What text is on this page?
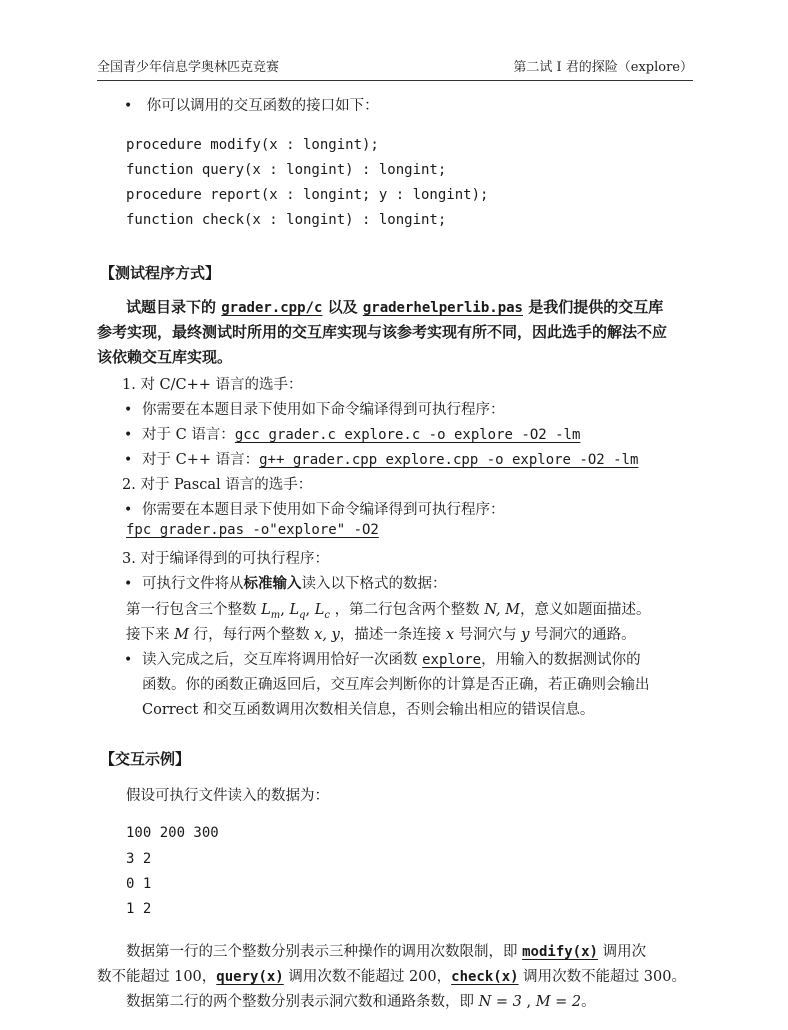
全国青少年信息学奥林匹克竞赛	第二试 I 君的探险（explore）
• 你可以调用的交互函数的接口如下：
procedure modify(x : longint);
function query(x : longint) : longint;
procedure report(x : longint; y : longint);
function check(x : longint) : longint;
【测试程序方式】
试题目录下的 grader.cpp/c 以及 graderhelperlib.pas 是我们提供的交互库
参考实现，最终测试时所用的交互库实现与该参考实现有所不同，因此选手的解法不应
该依赖交互库实现。
1. 对 C/C++ 语言的选手：
• 你需要在本题目录下使用如下命令编译得到可执行程序：
• 对于 C 语言：gcc grader.c explore.c -o explore -O2 -lm
• 对于 C++ 语言：g++ grader.cpp explore.cpp -o explore -O2 -lm
2. 对于 Pascal 语言的选手：
• 你需要在本题目录下使用如下命令编译得到可执行程序：
fpc grader.pas -o"explore" -O2
3. 对于编译得到的可执行程序：
• 可执行文件将从标准输入读入以下格式的数据：
第一行包含三个整数 $L_m$, $L_q$, $L_c$ ，第二行包含两个整数 N, M，意义如题面描述。
接下来 M 行，每行两个整数 x, y，描述一条连接 x 号洞穴与 y 号洞穴的通路。
• 读入完成之后，交互库将调用恰好一次函数 explore，用输入的数据测试你的
函数。你的函数正确返回后，交互库会判断你的计算是否正确，若正确则会输出
Correct 和交互函数调用次数相关信息，否则会输出相应的错误信息。
【交互示例】
假设可执行文件读入的数据为：
100 200 300
3 2
0 1
1 2
数据第一行的三个整数分别表示三种操作的调用次数限制，即 modify(x) 调用次
数不能超过 100，query(x) 调用次数不能超过 200，check(x) 调用次数不能超过 300。
数据第二行的两个整数分别表示洞穴数和通路条数，即 N = 3 , M = 2。
